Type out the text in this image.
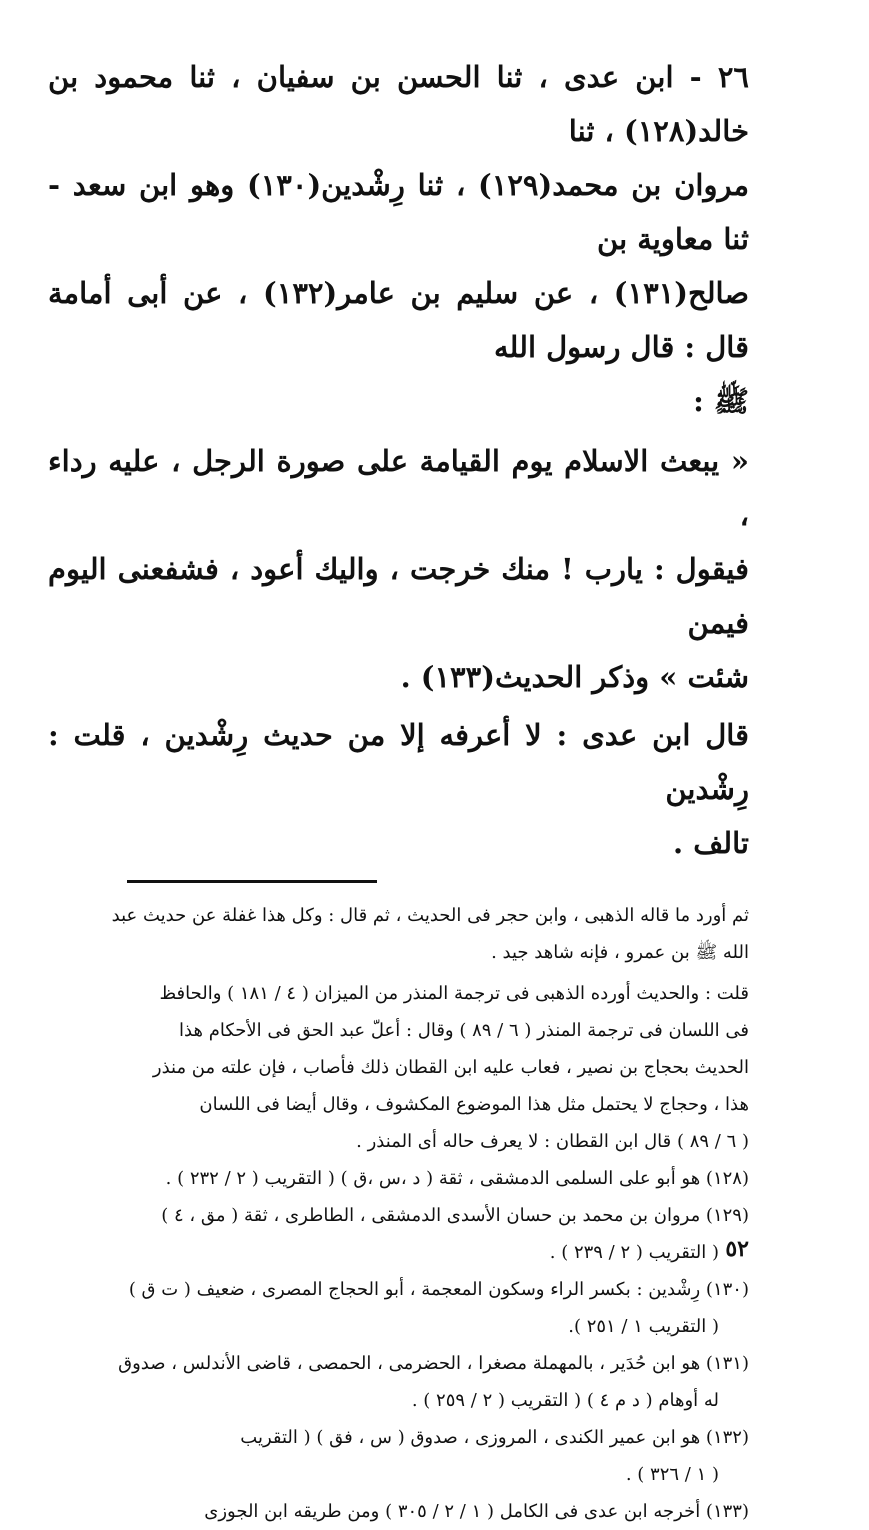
٢٦ - ابن عدى ، ثنا الحسن بن سفيان ، ثنا محمود بن خالد(١٢٨) ، ثنا

مروان بن محمد(١٢٩) ، ثنا رِشْدين(١٣٠) وهو ابن سعد - ثنا معاوية بن

صالح(١٣١) ، عن سليم بن عامر(١٣٢) ، عن أبى أمامة قال : قال رسول الله

ﷺ :

« يبعث الاسلام يوم القيامة على صورة الرجل ، عليه رداء ،

فيقول : يارب ! منك خرجت ، واليك أعود ، فشفعنى اليوم فيمن

شئت » وذكر الحديث(١٣٣) .

قال ابن عدى : لا أعرفه إلا من حديث رِشْدين ، قلت : رِشْدين

تالف .

ثم أورد ما قاله الذهبى ، وابن حجر فى الحديث ، ثم قال : وكل هذا غفلة عن حديث عبد

الله ﷺ بن عمرو ، فإنه شاهد جيد .

قلت : والحديث أورده الذهبى فى ترجمة المنذر من الميزان ( ٤ / ١٨١ ) والحافظ

فى اللسان فى ترجمة المنذر ( ٦ / ٨٩ ) وقال : أعلّ عبد الحق فى الأحكام هذا

الحديث بحجاج بن نصير ، فعاب عليه ابن القطان ذلك فأصاب ، فإن علته من منذر

هذا ، وحجاج لا يحتمل مثل هذا الموضوع المكشوف ، وقال أيضا فى اللسان

( ٦ / ٨٩ ) قال ابن القطان : لا يعرف حاله أى المنذر .

(١٢٨) هو أبو على السلمى الدمشقى ، ثقة ( د ،س ،ق ) ( التقريب ( ٢ / ٢٣٢ ) .

(١٢٩) مروان بن محمد بن حسان الأسدى الدمشقى ، الطاطرى ، ثقة ( مق ، ٤ )

( التقريب ( ٢ / ٢٣٩ ) .

(١٣٠) رِشْدين : بكسر الراء وسكون المعجمة ، أبو الحجاج المصرى ، ضعيف ( ت ق )

( التقريب ١ / ٢٥١ ).

(١٣١) هو ابن حُدَير ، بالمهملة مصغرا ، الحضرمى ، الحمصى ، قاضى الأندلس ، صدوق

له أوهام ( د م ٤ ) ( التقريب ( ٢ / ٢٥٩ ) .

(١٣٢) هو ابن عمير الكندى ، المروزى ، صدوق ( س ، فق ) ( التقريب

( ١ / ٣٢٦ ) .

(١٣٣) أخرجه ابن عدى فى الكامل ( ١ / ٢ / ٣٠٥ ) ومن طريقه ابن الجوزى

٥٢
